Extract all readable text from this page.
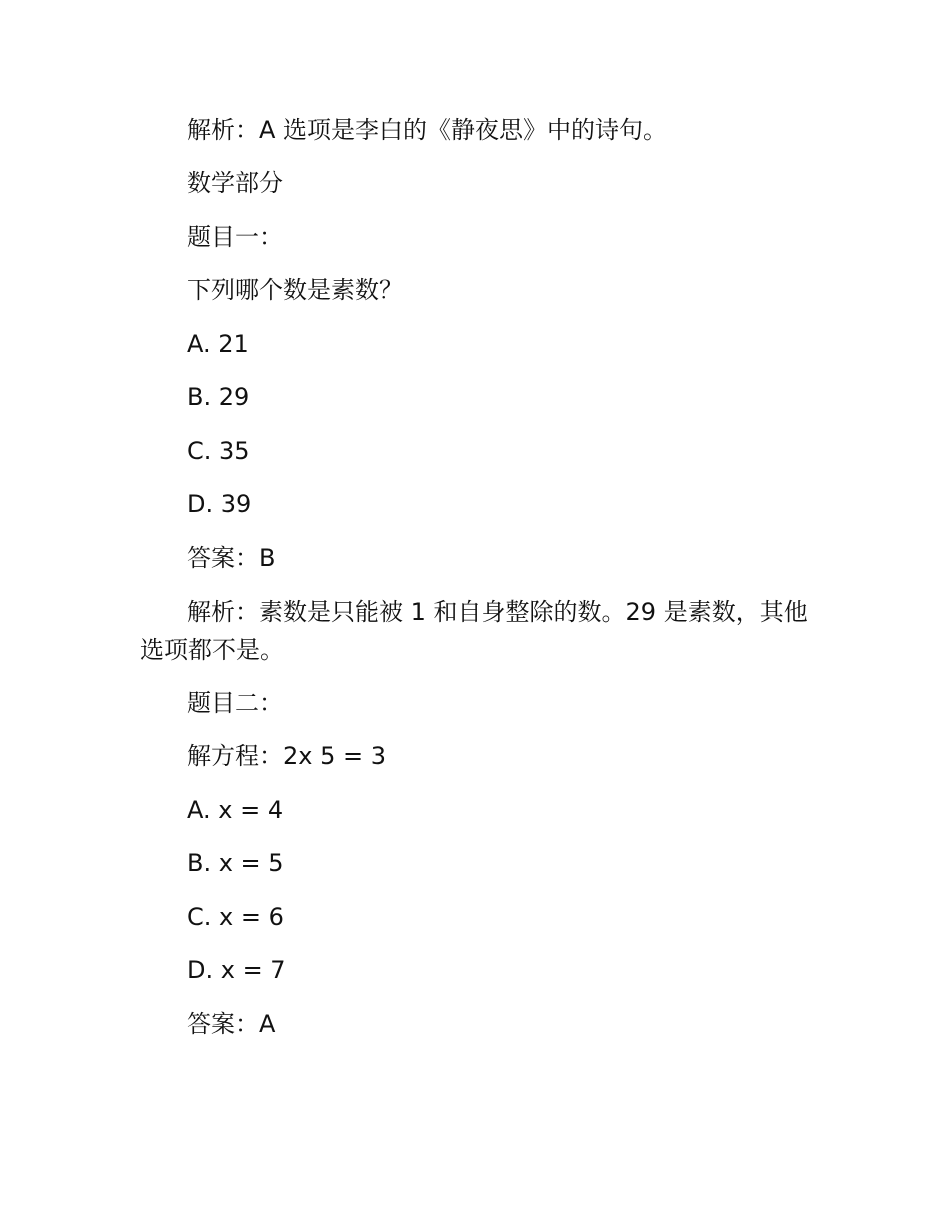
解析：A 选项是李白的《静夜思》中的诗句。

数学部分

题目一：

下列哪个数是素数？

A. 21

B. 29

C. 35

D. 39

答案：B

解析：素数是只能被 1 和自身整除的数。29 是素数，其他选项都不是。

题目二：

解方程：2x 5 = 3

A. x = 4

B. x = 5

C. x = 6

D. x = 7

答案：A
